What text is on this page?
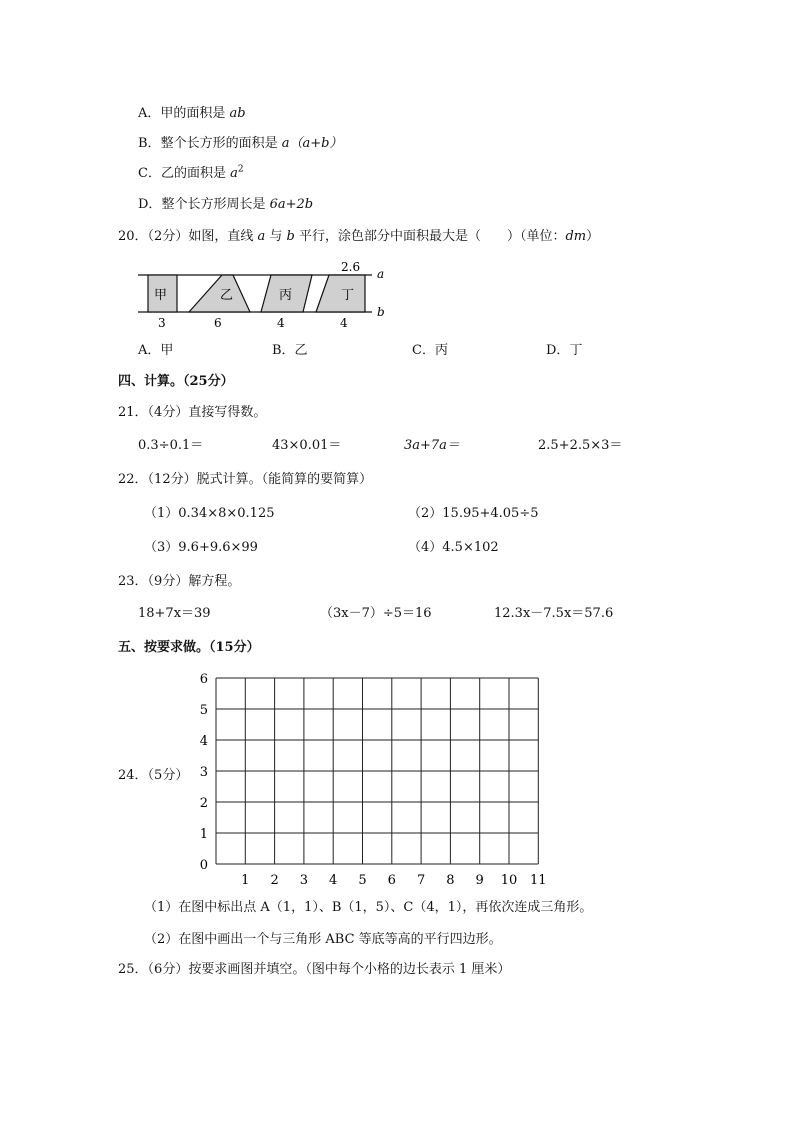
A．甲的面积是 ab
B．整个长方形的面积是 a（a+b）
C．乙的面积是 $a^2$
D．整个长方形周长是 6a+2b
20．（2分）如图，直线 a 与 b 平行，涂色部分中面积最大是（　　）（单位：dm）
a
b
甲	乙	丙	丁
2.6
3	6	4	4
A．甲	B．乙	C．丙	D．丁
四、计算。（25分）
21．（4分）直接写得数。
0.3÷0.1＝	43×0.01＝	3a+7a＝	2.5+2.5×3＝
22．（12分）脱式计算。（能简算的要简算）
（1）0.34×8×0.125	（2）15.95+4.05÷5
（3）9.6+9.6×99	（4）4.5×102
23．（9分）解方程。
18+7x＝39	（3x－7）÷5＝16	12.3x－7.5x＝57.6
五、按要求做。（15分）
24．（5分）
1 2 3 4 5 6 7 8 9 10 11
0
1
2
3
4
5
6
（1）在图中标出点 A（1，1）、B（1，5）、C（4，1），再依次连成三角形。
（2）在图中画出一个与三角形 ABC 等底等高的平行四边形。
25．（6分）按要求画图并填空。（图中每个小格的边长表示 1 厘米）
